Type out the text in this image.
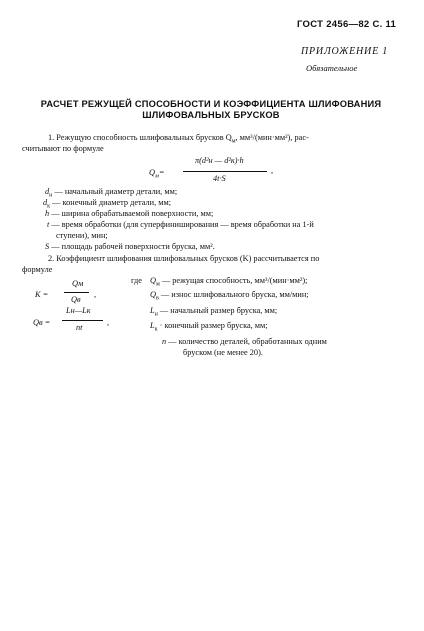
ГОСТ 2456—82 С. 11
ПРИЛОЖЕНИЕ 1
Обязательное
РАСЧЕТ РЕЖУЩЕЙ СПОСОБНОСТИ И КОЭФФИЦИЕНТА ШЛИФОВАНИЯ
ШЛИФОВАЛЬНЫХ БРУСКОВ
1. Режущую способность шлифовальных брусков $Q_м$, мм³/(мин·мм²), рас-
считывают по формуле
$Q_м=$
π(d²н — d²к)·h
4t·S
,
$d_н$ — начальный диаметр детали, мм;
$d_к$ — конечный диаметр детали, мм;
h — ширина обрабатываемой поверхности, мм;
t — время обработки (для суперфиниширования — время обработки на 1-й
ступени), мин;
S — площадь рабочей поверхности бруска, мм².
2. Коэффициент шлифования шлифовальных брусков (K) рассчитывается по
формуле
K =
Qм
Qв
,
Qв =
Lн—Lк
nt
,
где $Q_м$ — режущая способность, мм³/(мин·мм²);
$Q_в$ — износ шлифовального бруска, мм/мин;
$L_н$ — начальный размер бруска, мм;
$L_к$ · конечный размер бруска, мм;
n — количество деталей, обработанных одним
бруском (не менее 20).
